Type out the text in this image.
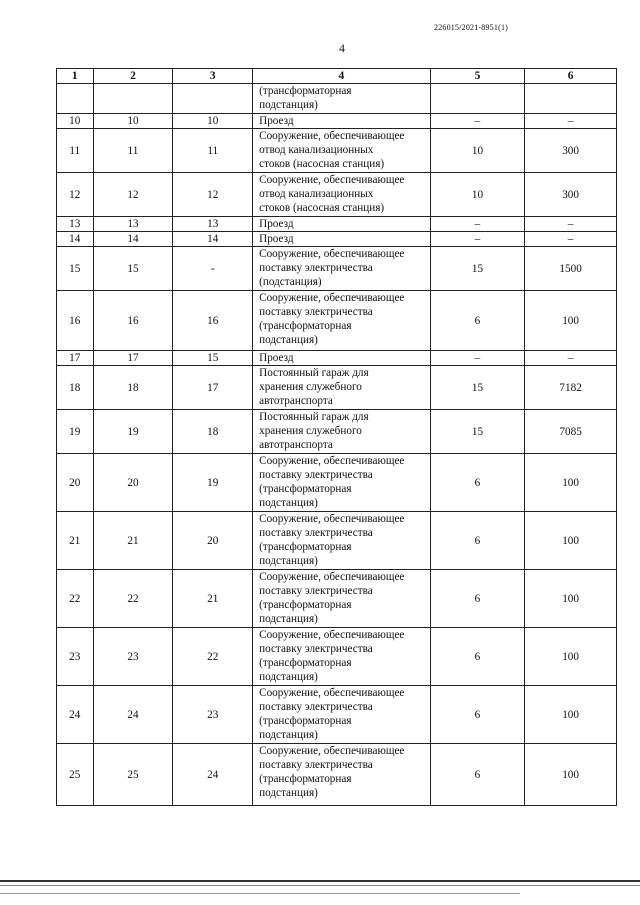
226015/2021-8951(1)
4
1	2	3	4	5	6
			(трансформаторная
подстанция)		
10	10	10	Проезд	–	–
11	11	11	Сооружение, обеспечивающее
отвод канализационных
стоков (насосная станция)	10	300
12	12	12	Сооружение, обеспечивающее
отвод канализационных
стоков (насосная станция)	10	300
13	13	13	Проезд	–	–
14	14	14	Проезд	–	–
15	15	-	Сооружение, обеспечивающее
поставку электричества
(подстанция)	15	1500
16	16	16	Сооружение, обеспечивающее
поставку электричества
(трансформаторная
подстанция)	6	100
17	17	15	Проезд	–	–
18	18	17	Постоянный гараж для
хранения служебного
автотранспорта	15	7182
19	19	18	Постоянный гараж для
хранения служебного
автотранспорта	15	7085
20	20	19	Сооружение, обеспечивающее
поставку электричества
(трансформаторная
подстанция)	6	100
21	21	20	Сооружение, обеспечивающее
поставку электричества
(трансформаторная
подстанция)	6	100
22	22	21	Сооружение, обеспечивающее
поставку электричества
(трансформаторная
подстанция)	6	100
23	23	22	Сооружение, обеспечивающее
поставку электричества
(трансформаторная
подстанция)	6	100
24	24	23	Сооружение, обеспечивающее
поставку электричества
(трансформаторная
подстанция)	6	100
25	25	24	Сооружение, обеспечивающее
поставку электричества
(трансформаторная
подстанция)	6	100
